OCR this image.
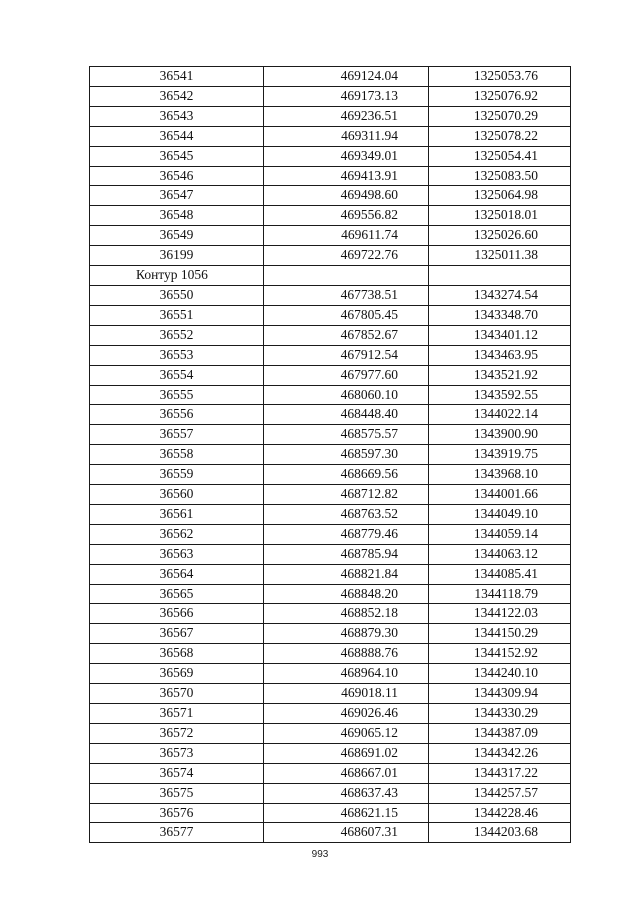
36541	469124.04	1325053.76
36542	469173.13	1325076.92
36543	469236.51	1325070.29
36544	469311.94	1325078.22
36545	469349.01	1325054.41
36546	469413.91	1325083.50
36547	469498.60	1325064.98
36548	469556.82	1325018.01
36549	469611.74	1325026.60
36199	469722.76	1325011.38
Контур 1056		
36550	467738.51	1343274.54
36551	467805.45	1343348.70
36552	467852.67	1343401.12
36553	467912.54	1343463.95
36554	467977.60	1343521.92
36555	468060.10	1343592.55
36556	468448.40	1344022.14
36557	468575.57	1343900.90
36558	468597.30	1343919.75
36559	468669.56	1343968.10
36560	468712.82	1344001.66
36561	468763.52	1344049.10
36562	468779.46	1344059.14
36563	468785.94	1344063.12
36564	468821.84	1344085.41
36565	468848.20	1344118.79
36566	468852.18	1344122.03
36567	468879.30	1344150.29
36568	468888.76	1344152.92
36569	468964.10	1344240.10
36570	469018.11	1344309.94
36571	469026.46	1344330.29
36572	469065.12	1344387.09
36573	468691.02	1344342.26
36574	468667.01	1344317.22
36575	468637.43	1344257.57
36576	468621.15	1344228.46
36577	468607.31	1344203.68
993
